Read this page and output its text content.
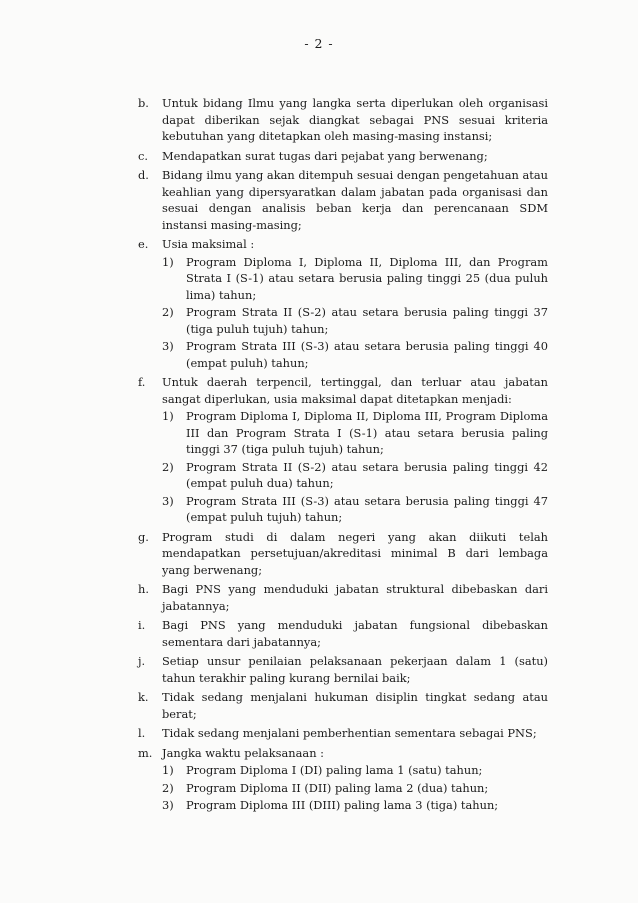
- 2 -
b.	Untuk bidang Ilmu yang langka serta diperlukan oleh organisasi dapat diberikan sejak diangkat sebagai PNS sesuai kriteria kebutuhan yang ditetapkan oleh masing-masing instansi;
c.	Mendapatkan surat tugas dari pejabat yang berwenang;
d.	Bidang ilmu yang akan ditempuh sesuai dengan pengetahuan atau keahlian yang dipersyaratkan dalam jabatan pada organisasi dan sesuai dengan analisis beban kerja dan perencanaan SDM instansi masing-masing;
e.	Usia maksimal :
1)	Program Diploma I, Diploma II, Diploma III, dan Program Strata I (S-1) atau setara berusia paling tinggi 25 (dua puluh lima) tahun;
2)	Program Strata II (S-2) atau setara berusia paling tinggi 37 (tiga puluh tujuh) tahun;
3)	Program Strata III (S-3) atau setara berusia paling tinggi 40 (empat puluh) tahun;
f.	Untuk daerah terpencil, tertinggal, dan terluar atau jabatan sangat diperlukan, usia maksimal dapat ditetapkan menjadi:
1)	Program Diploma I, Diploma II, Diploma III, Program Diploma III dan Program Strata I (S-1) atau setara berusia paling tinggi 37 (tiga puluh tujuh) tahun;
2)	Program Strata II (S-2) atau setara berusia paling tinggi 42 (empat puluh dua) tahun;
3)	Program Strata III (S-3) atau setara berusia paling tinggi 47 (empat puluh tujuh) tahun;
g.	Program studi di dalam negeri yang akan diikuti telah mendapatkan persetujuan/akreditasi minimal B dari lembaga yang berwenang;
h.	Bagi PNS yang menduduki jabatan struktural dibebaskan dari jabatannya;
i.	Bagi PNS yang menduduki jabatan fungsional dibebaskan sementara dari jabatannya;
j.	Setiap unsur penilaian pelaksanaan pekerjaan dalam 1 (satu) tahun terakhir paling kurang bernilai baik;
k.	Tidak sedang menjalani hukuman disiplin tingkat sedang atau berat;
l.	Tidak sedang menjalani pemberhentian sementara sebagai PNS;
m. Jangka waktu pelaksanaan :
1)	Program Diploma I (DI) paling lama 1 (satu) tahun;
2)	Program Diploma II (DII) paling lama 2 (dua) tahun;
3)	Program Diploma III (DIII) paling lama 3 (tiga) tahun;
